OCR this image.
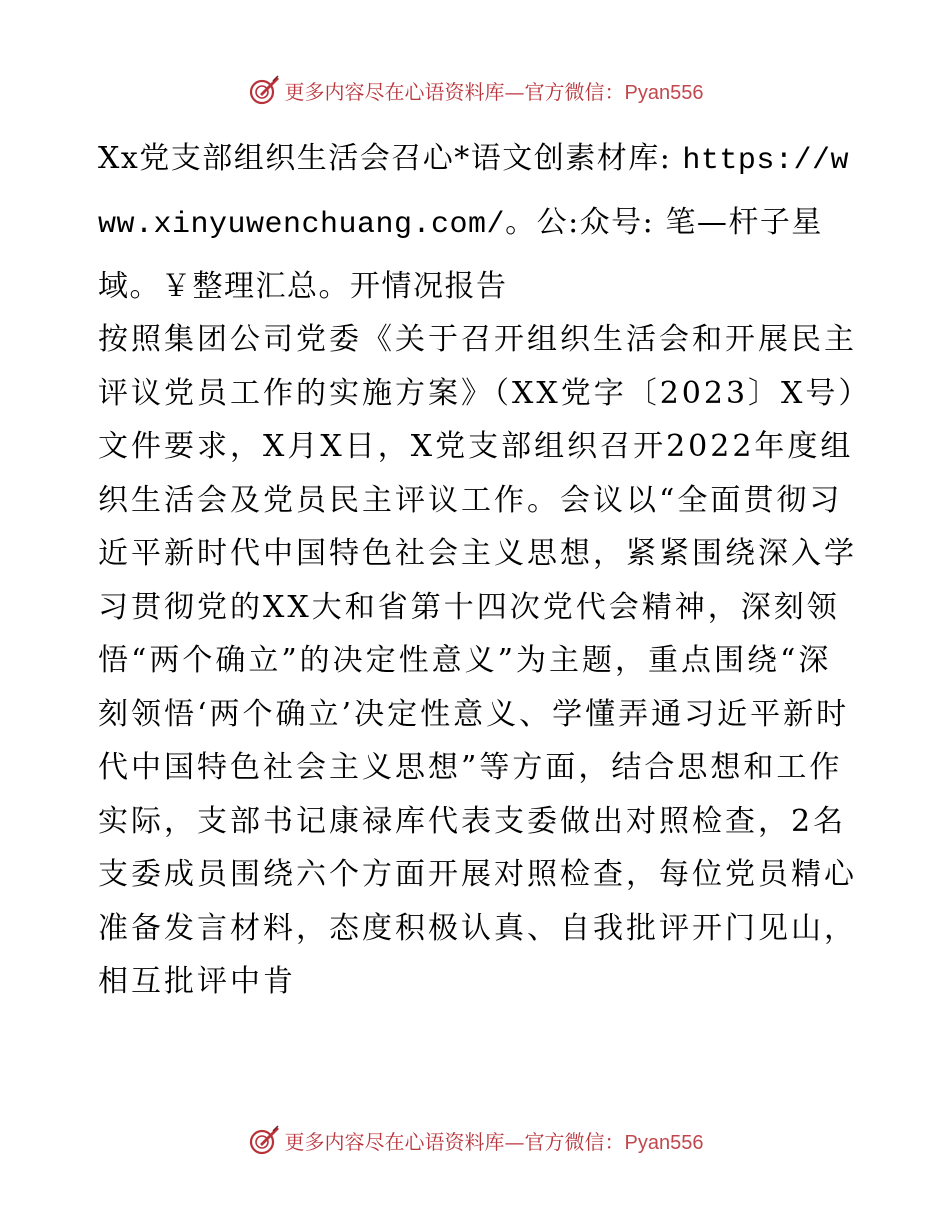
更多内容尽在心语资料库—官方微信：Pyan556
Xx党支部组织生活会召心*语文创素材库: https://www.xinyuwenchuang.com/。公:众号: 笔—杆子星域。￥整理汇总。开情况报告

按照集团公司党委《关于召开组织生活会和开展民主评议党员工作的实施方案》（XX党字〔2023〕X号）文件要求，X月X日，X党支部组织召开2022年度组织生活会及党员民主评议工作。会议以“全面贯彻习近平新时代中国特色社会主义思想，紧紧围绕深入学习贯彻党的XX大和省第十四次党代会精神，深刻领悟“两个确立”的决定性意义”为主题，重点围绕“深刻领悟‘两个确立’决定性意义、学懂弄通习近平新时代中国特色社会主义思想”等方面，结合思想和工作实际，支部书记康禄库代表支委做出对照检查，2名支委成员围绕六个方面开展对照检查，每位党员精心准备发言材料，态度积极认真、自我批评开门见山，相互批评中肯

更多内容尽在心语资料库—官方微信：Pyan556
